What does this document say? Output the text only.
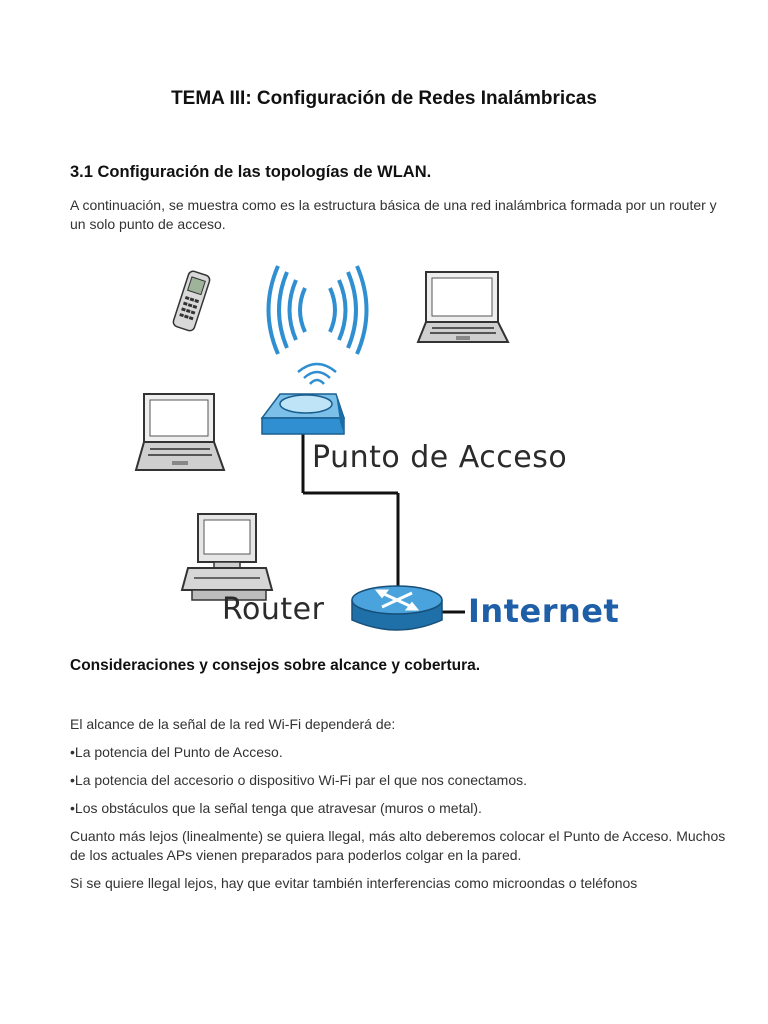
TEMA III: Configuración de Redes Inalámbricas
3.1 Configuración de las topologías de WLAN.
A continuación, se muestra como es la estructura básica de una red inalámbrica formada por un router y un solo punto de acceso.
Punto de Acceso
Router	Internet
Consideraciones y consejos sobre alcance y cobertura.

El alcance de la señal de la red Wi-Fi dependerá de:

•La potencia del Punto de Acceso.

•La potencia del accesorio o dispositivo Wi-Fi par el que nos conectamos.

•Los obstáculos que la señal tenga que atravesar (muros o metal).

Cuanto más lejos (linealmente) se quiera llegal, más alto deberemos colocar el Punto de Acceso. Muchos de los actuales APs vienen preparados para poderlos colgar en la pared.

Si se quiere llegal lejos, hay que evitar también interferencias como microondas o teléfonos
